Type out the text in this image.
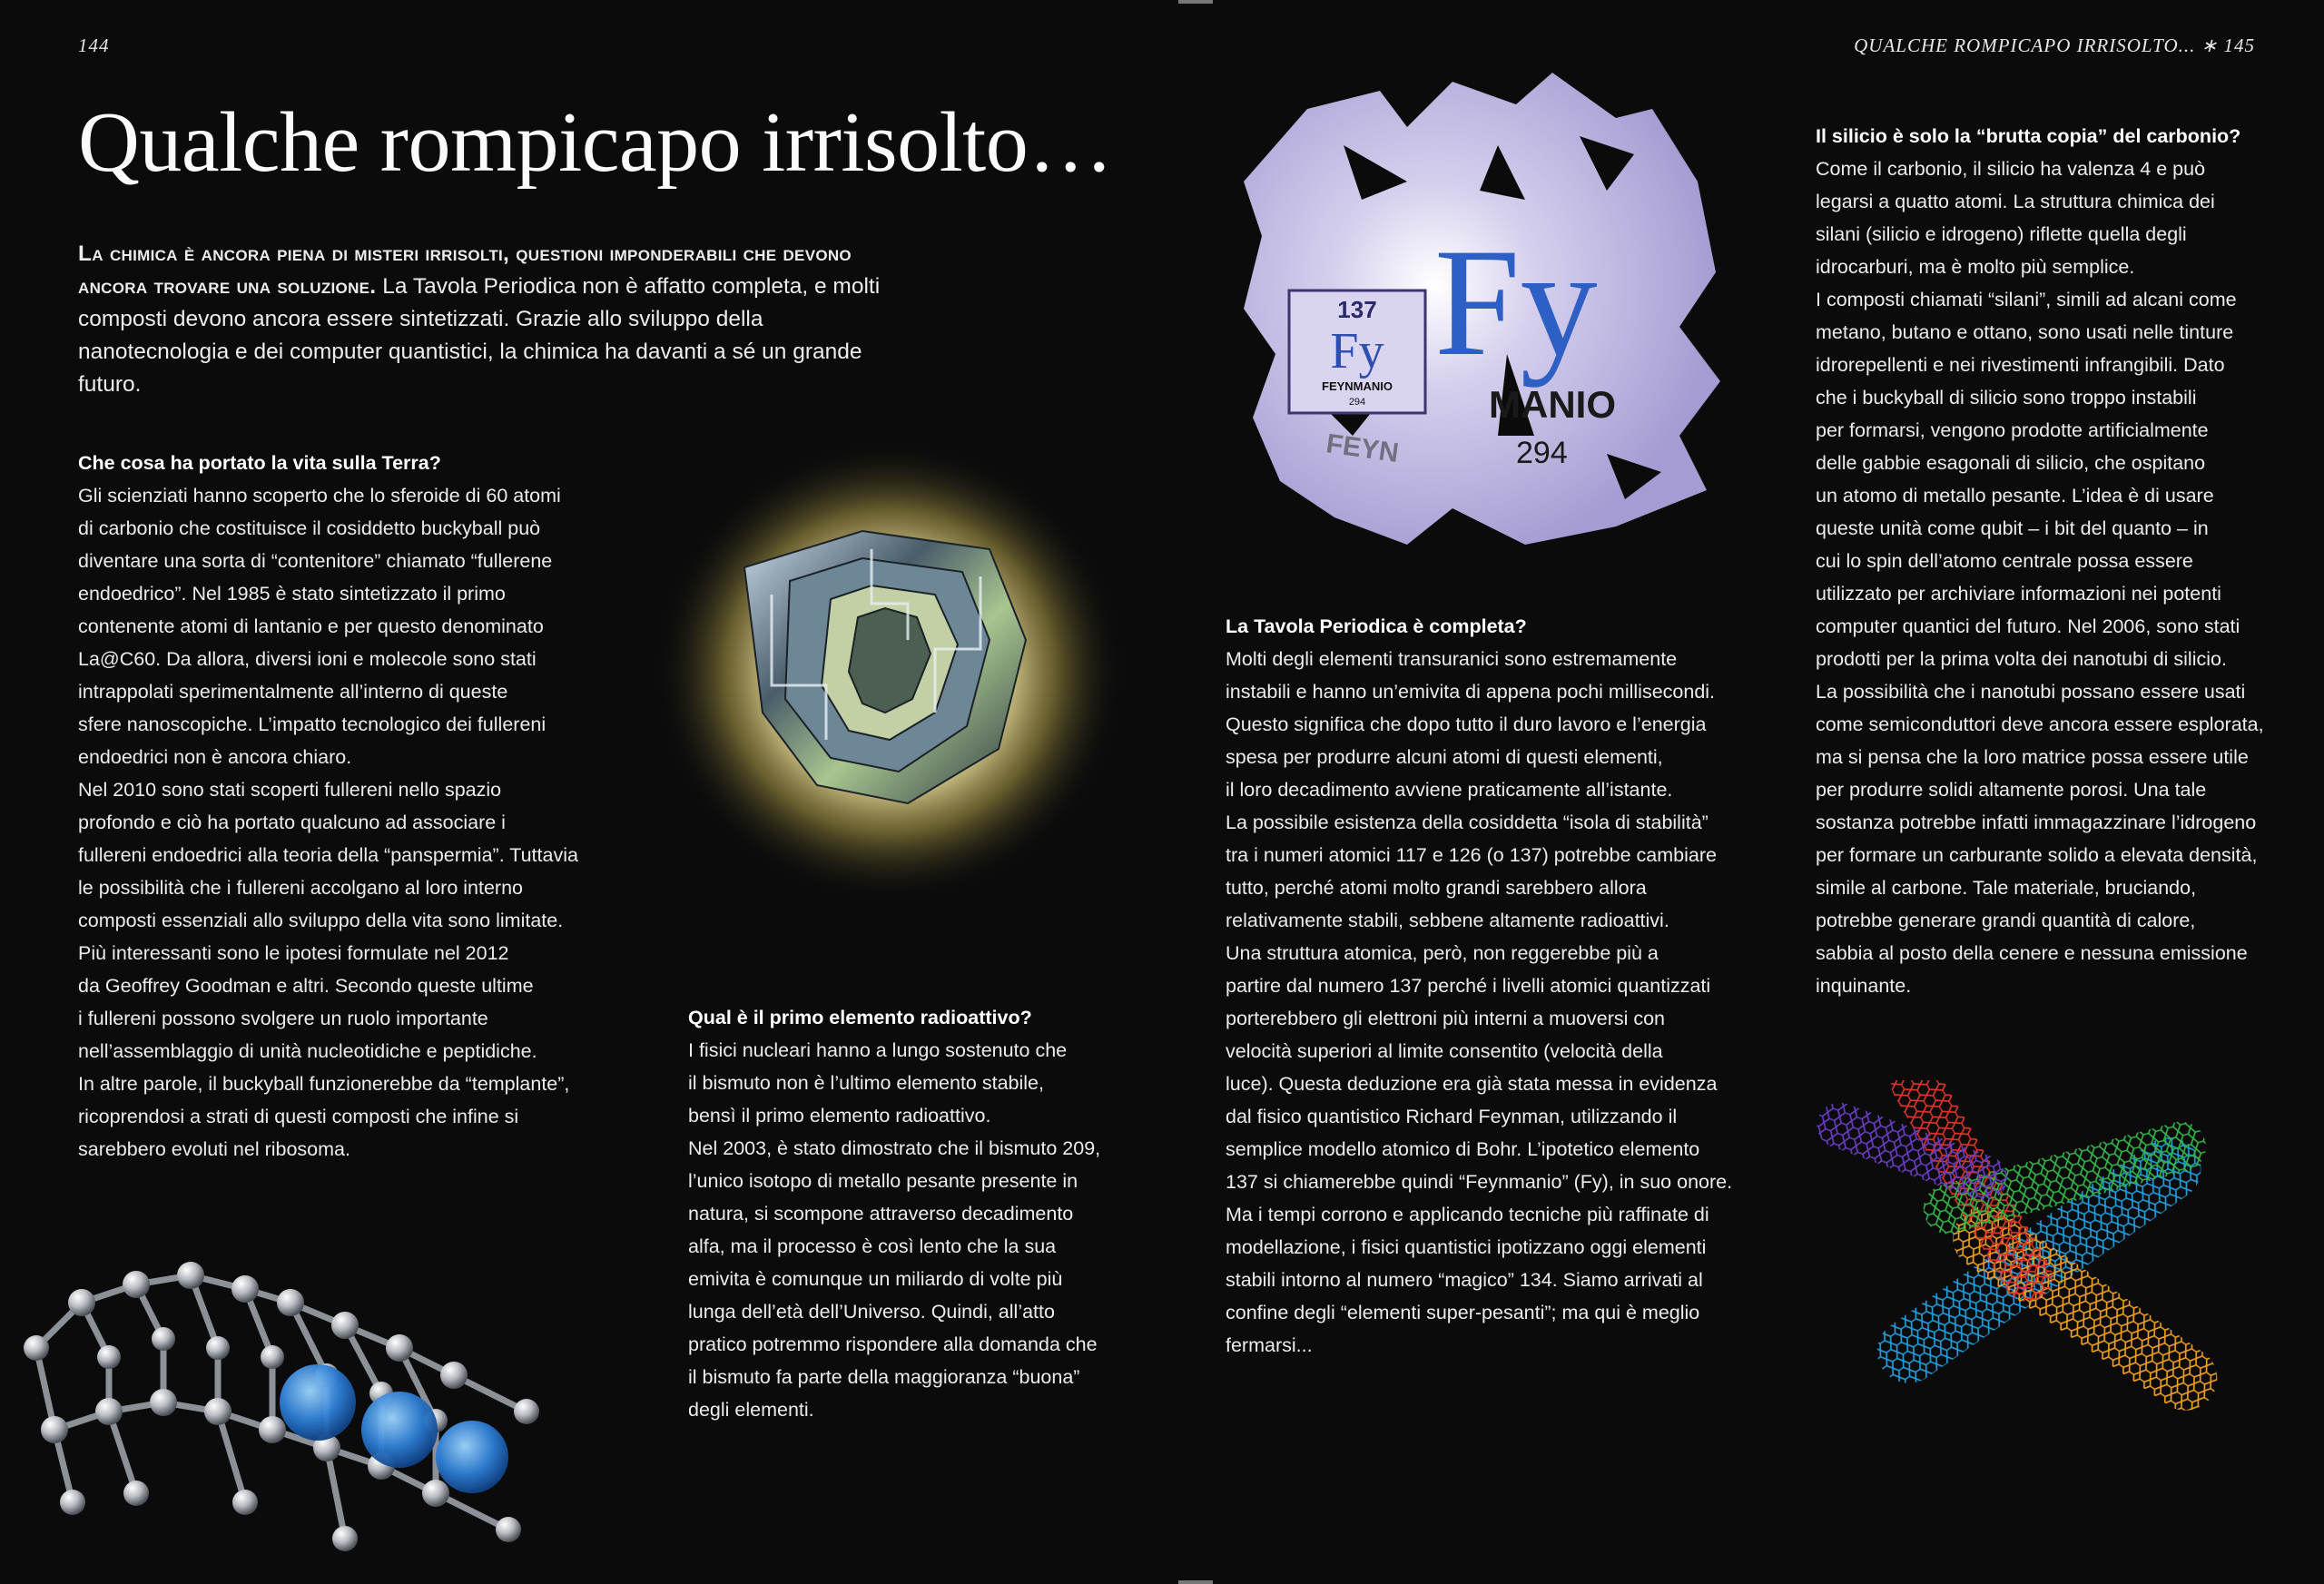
144	QUALCHE ROMPICAPO IRRISOLTO... ∗ 145
Qualche rompicapo irrisolto…
La chimica è ancora piena di misteri irrisolti, questioni imponderabili che devono ancora trovare una soluzione. La Tavola Periodica non è affatto completa, e molti composti devono ancora essere sintetizzati. Grazie allo sviluppo della nanotecnologia e dei computer quantistici, la chimica ha davanti a sé un grande futuro.
Che cosa ha portato la vita sulla Terra?

Gli scienziati hanno scoperto che lo sferoide di 60 atomi
di carbonio che costituisce il cosiddetto buckyball può
diventare una sorta di “contenitore” chiamato “fullerene
endoedrico”. Nel 1985 è stato sintetizzato il primo
contenente atomi di lantanio e per questo denominato
La@C60. Da allora, diversi ioni e molecole sono stati
intrappolati sperimentalmente all’interno di queste
sfere nanoscopiche. L’impatto tecnologico dei fullereni
endoedrici non è ancora chiaro.
Nel 2010 sono stati scoperti fullereni nello spazio
profondo e ciò ha portato qualcuno ad associare i
fullereni endoedrici alla teoria della “panspermia”. Tuttavia
le possibilità che i fullereni accolgano al loro interno
composti essenziali allo sviluppo della vita sono limitate.
Più interessanti sono le ipotesi formulate nel 2012
da Geoffrey Goodman e altri. Secondo queste ultime
i fullereni possono svolgere un ruolo importante
nell’assemblaggio di unità nucleotidiche e peptidiche.
In altre parole, il buckyball funzionerebbe da “templante”,
ricoprendosi a strati di questi composti che infine si
sarebbero evoluti nel ribosoma.

Qual è il primo elemento radioattivo?

I fisici nucleari hanno a lungo sostenuto che
il bismuto non è l’ultimo elemento stabile,
bensì il primo elemento radioattivo.
Nel 2003, è stato dimostrato che il bismuto 209,
l’unico isotopo di metallo pesante presente in
natura, si scompone attraverso decadimento
alfa, ma il processo è così lento che la sua
emivita è comunque un miliardo di volte più
lunga dell’età dell’Universo. Quindi, all’atto
pratico potremmo rispondere alla domanda che
il bismuto fa parte della maggioranza “buona”
degli elementi.

La Tavola Periodica è completa?

Molti degli elementi transuranici sono estremamente
instabili e hanno un’emivita di appena pochi millisecondi.
Questo significa che dopo tutto il duro lavoro e l’energia
spesa per produrre alcuni atomi di questi elementi,
il loro decadimento avviene praticamente all’istante.
La possibile esistenza della cosiddetta “isola di stabilità”
tra i numeri atomici 117 e 126 (o 137) potrebbe cambiare
tutto, perché atomi molto grandi sarebbero allora
relativamente stabili, sebbene altamente radioattivi.
Una struttura atomica, però, non reggerebbe più a
partire dal numero 137 perché i livelli atomici quantizzati
porterebbero gli elettroni più interni a muoversi con
velocità superiori al limite consentito (velocità della
luce). Questa deduzione era già stata messa in evidenza
dal fisico quantistico Richard Feynman, utilizzando il
semplice modello atomico di Bohr. L’ipotetico elemento
137 si chiamerebbe quindi “Feynmanio” (Fy), in suo onore.
Ma i tempi corrono e applicando tecniche più raffinate di
modellazione, i fisici quantistici ipotizzano oggi elementi
stabili intorno al numero “magico” 134. Siamo arrivati al
confine degli “elementi super-pesanti”; ma qui è meglio
fermarsi...

Il silicio è solo la “brutta copia” del carbonio?

Come il carbonio, il silicio ha valenza 4 e può
legarsi a quatto atomi. La struttura chimica dei
silani (silicio e idrogeno) riflette quella degli
idrocarburi, ma è molto più semplice.
I composti chiamati “silani”, simili ad alcani come
metano, butano e ottano, sono usati nelle tinture
idrorepellenti e nei rivestimenti infrangibili. Dato
che i buckyball di silicio sono troppo instabili
per formarsi, vengono prodotte artificialmente
delle gabbie esagonali di silicio, che ospitano
un atomo di metallo pesante. L’idea è di usare
queste unità come qubit – i bit del quanto – in
cui lo spin dell’atomo centrale possa essere
utilizzato per archiviare informazioni nei potenti
computer quantici del futuro. Nel 2006, sono stati
prodotti per la prima volta dei nanotubi di silicio.
La possibilità che i nanotubi possano essere usati
come semiconduttori deve ancora essere esplorata,
ma si pensa che la loro matrice possa essere utile
per produrre solidi altamente porosi. Una tale
sostanza potrebbe infatti immagazzinare l’idrogeno
per formare un carburante solido a elevata densità,
simile al carbone. Tale materiale, bruciando,
potrebbe generare grandi quantità di calore,
sabbia al posto della cenere e nessuna emissione
inquinante.

137
Fy
FEYNMANIO
294
Fy
MANIO
294
FEYN
